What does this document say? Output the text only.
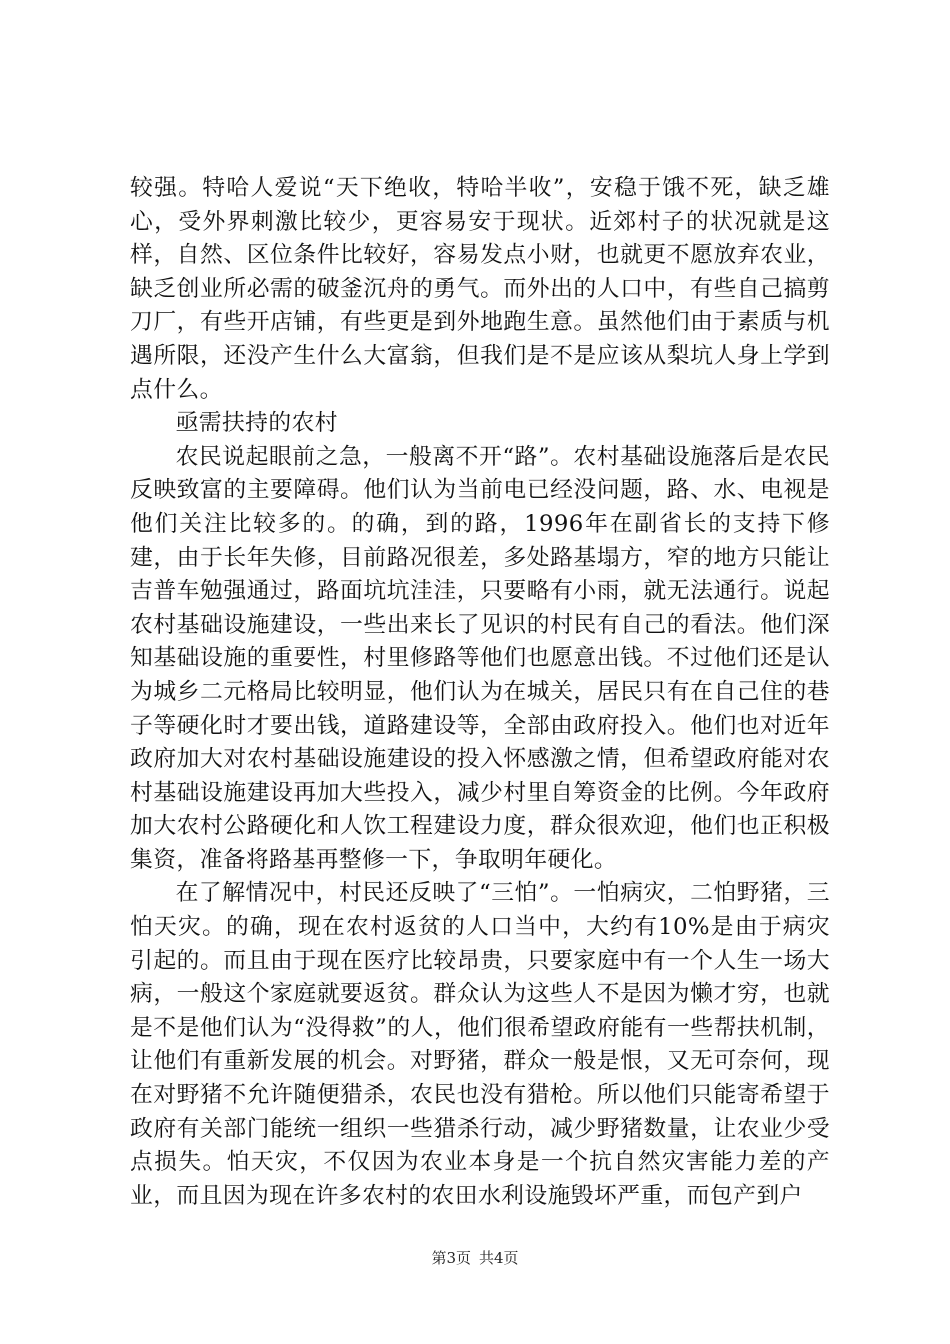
较强。特哈人爱说“天下绝收，特哈半收”，安稳于饿不死，缺乏雄心，受外界刺激比较少，更容易安于现状。近郊村子的状况就是这样，自然、区位条件比较好，容易发点小财，也就更不愿放弃农业，缺乏创业所必需的破釜沉舟的勇气。而外出的人口中，有些自己搞剪刀厂，有些开店铺，有些更是到外地跑生意。虽然他们由于素质与机遇所限，还没产生什么大富翁，但我们是不是应该从梨坑人身上学到点什么。

亟需扶持的农村

农民说起眼前之急，一般离不开“路”。农村基础设施落后是农民反映致富的主要障碍。他们认为当前电已经没问题，路、水、电视是他们关注比较多的。的确，到的路，1996年在副省长的支持下修建，由于长年失修，目前路况很差，多处路基塌方，窄的地方只能让吉普车勉强通过，路面坑坑洼洼，只要略有小雨，就无法通行。说起农村基础设施建设，一些出来长了见识的村民有自己的看法。他们深知基础设施的重要性，村里修路等他们也愿意出钱。不过他们还是认为城乡二元格局比较明显，他们认为在城关，居民只有在自己住的巷子等硬化时才要出钱，道路建设等，全部由政府投入。他们也对近年政府加大对农村基础设施建设的投入怀感激之情，但希望政府能对农村基础设施建设再加大些投入，减少村里自筹资金的比例。今年政府加大农村公路硬化和人饮工程建设力度，群众很欢迎，他们也正积极集资，准备将路基再整修一下，争取明年硬化。

在了解情况中，村民还反映了“三怕”。一怕病灾，二怕野猪，三怕天灾。的确，现在农村返贫的人口当中，大约有10%是由于病灾引起的。而且由于现在医疗比较昂贵，只要家庭中有一个人生一场大病，一般这个家庭就要返贫。群众认为这些人不是因为懒才穷，也就是不是他们认为“没得救”的人，他们很希望政府能有一些帮扶机制，让他们有重新发展的机会。对野猪，群众一般是恨，又无可奈何，现在对野猪不允许随便猎杀，农民也没有猎枪。所以他们只能寄希望于政府有关部门能统一组织一些猎杀行动，减少野猪数量，让农业少受点损失。怕天灾，不仅因为农业本身是一个抗自然灾害能力差的产业，而且因为现在许多农村的农田水利设施毁坏严重，而包产到户

第3页 共4页
